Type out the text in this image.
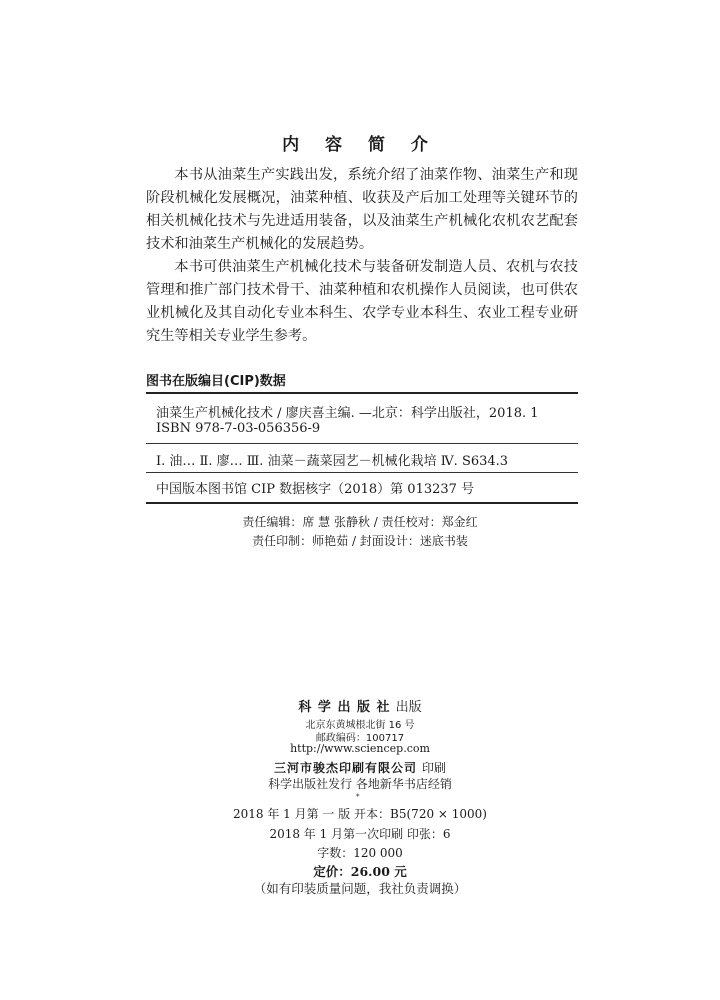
内 容 简 介

本书从油菜生产实践出发，系统介绍了油菜作物、油菜生产和现阶段机械化发展概况，油菜种植、收获及产后加工处理等关键环节的相关机械化技术与先进适用装备，以及油菜生产机械化农机农艺配套技术和油菜生产机械化的发展趋势。

本书可供油菜生产机械化技术与装备研发制造人员、农机与农技管理和推广部门技术骨干、油菜种植和农机操作人员阅读，也可供农业机械化及其自动化专业本科生、农学专业本科生、农业工程专业研究生等相关专业学生参考。

图书在版编目(CIP)数据
油菜生产机械化技术 / 廖庆喜主编. —北京：科学出版社，2018. 1
ISBN 978-7-03-056356-9
Ⅰ. 油… Ⅱ. 廖… Ⅲ. 油菜－蔬菜园艺－机械化栽培 Ⅳ. S634.3
中国版本图书馆 CIP 数据核字（2018）第 013237 号
责任编辑：席 慧 张静秋 / 责任校对：郑金红
责任印制：师艳茹 / 封面设计：迷底书装
科 学 出 版 社 出版
北京东黄城根北街 16 号
邮政编码：100717
http://www.sciencep.com
三河市骏杰印刷有限公司 印刷
科学出版社发行 各地新华书店经销
*
2018 年 1 月第 一 版 开本：B5(720 × 1000)
2018 年 1 月第一次印刷 印张：6
字数：120 000
定价：26.00 元
（如有印装质量问题，我社负责调换）
